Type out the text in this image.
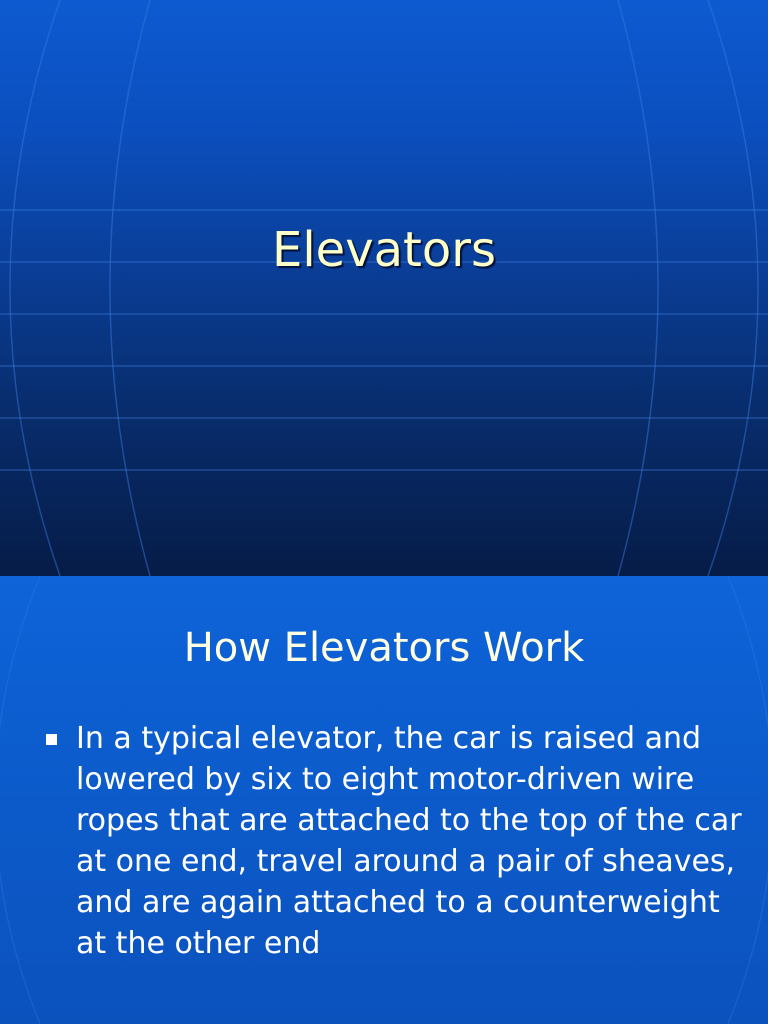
Elevators
How Elevators Work
In a typical elevator, the car is raised and lowered by six to eight motor-driven wire ropes that are attached to the top of the car at one end, travel around a pair of sheaves, and are again attached to a counterweight at the other end
